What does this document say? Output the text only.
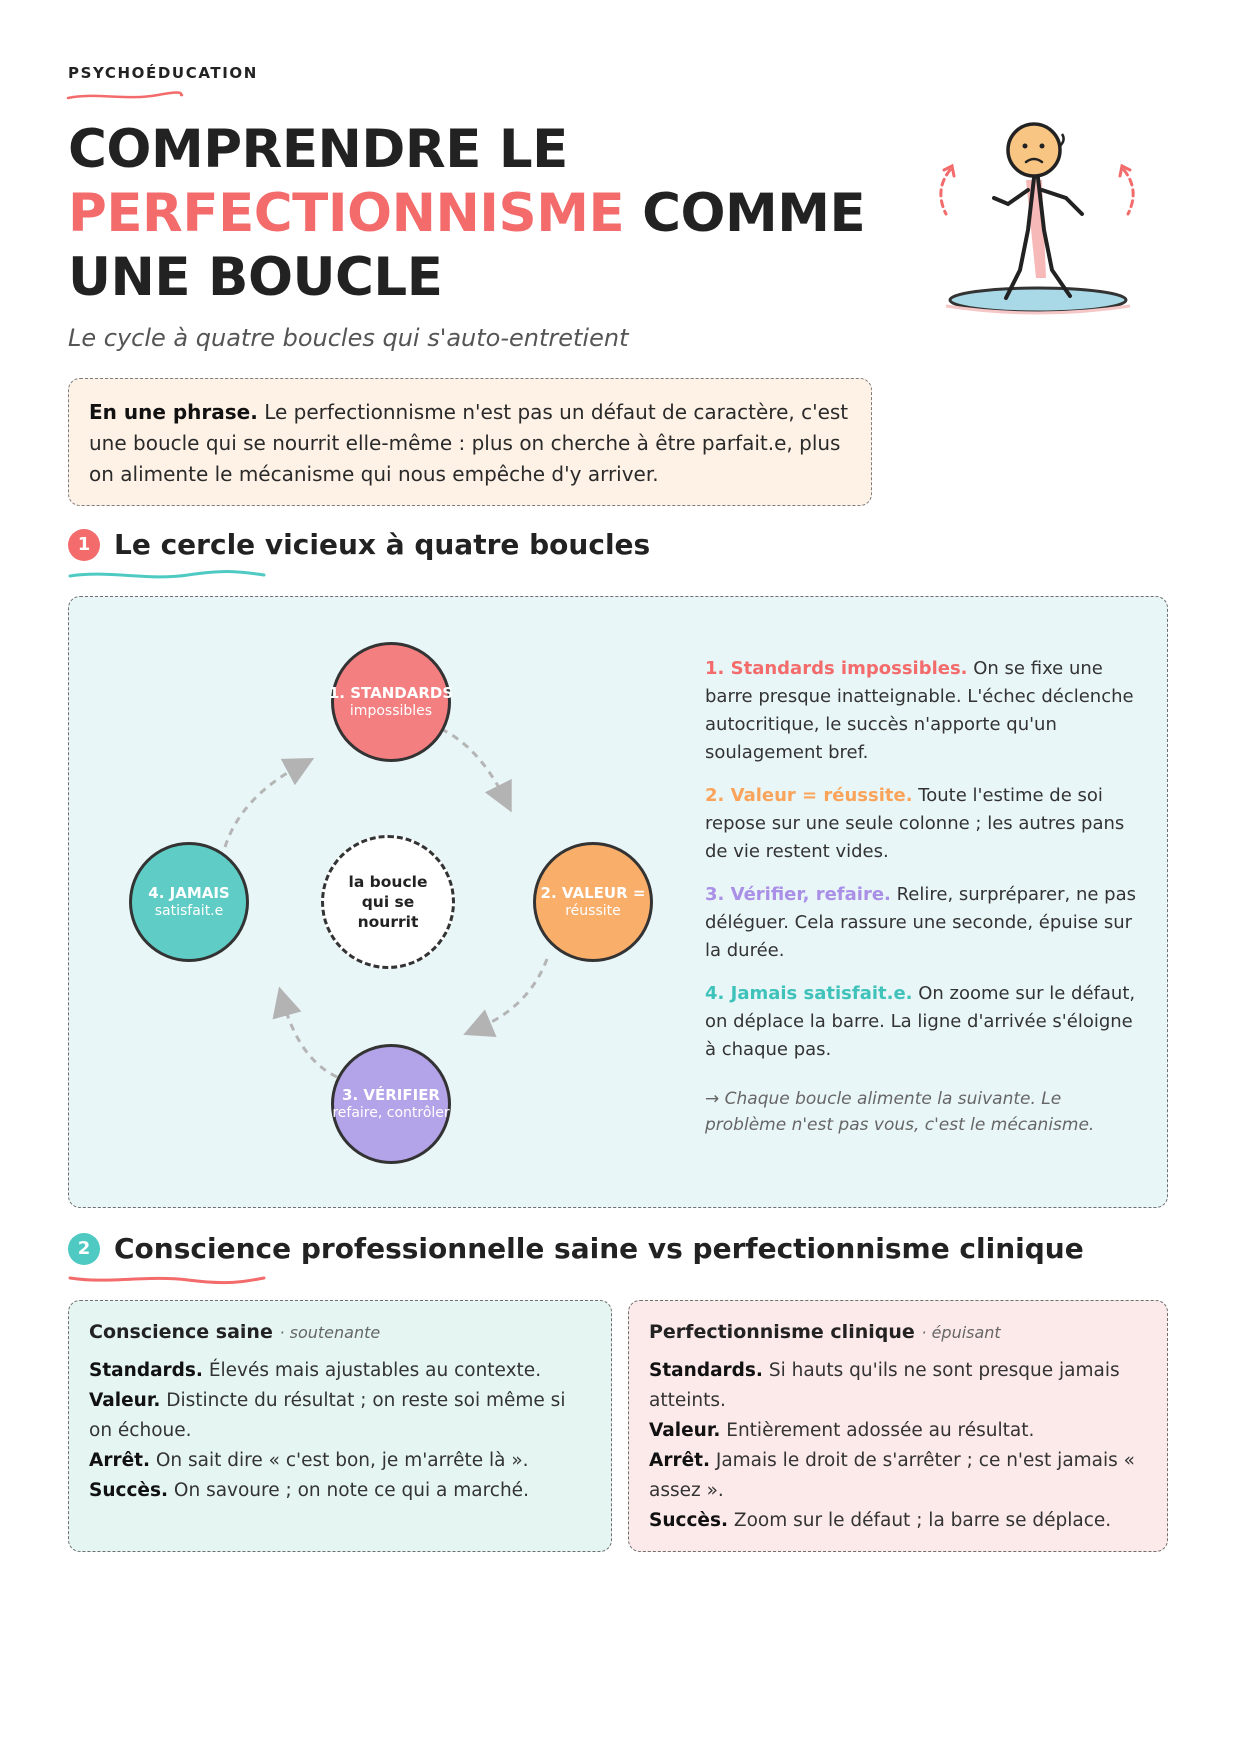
PSYCHOÉDUCATION
COMPRENDRE LE
PERFECTIONNISME COMME
UNE BOUCLE
Le cycle à quatre boucles qui s'auto-entretient
En une phrase. Le perfectionnisme n'est pas un défaut de caractère, c'est une boucle qui se nourrit elle-même : plus on cherche à être parfait.e, plus on alimente le mécanisme qui nous empêche d'y arriver.
1 Le cercle vicieux à quatre boucles
1. STANDARDS
impossibles
2. VALEUR =
réussite
3. VÉRIFIER
refaire, contrôler
4. JAMAIS
satisfait.e
la boucle qui se nourrit

1. Standards impossibles. On se fixe une barre presque inatteignable. L'échec déclenche autocritique, le succès n'apporte qu'un soulagement bref.

2. Valeur = réussite. Toute l'estime de soi repose sur une seule colonne ; les autres pans de vie restent vides.

3. Vérifier, refaire. Relire, surpréparer, ne pas déléguer. Cela rassure une seconde, épuise sur la durée.

4. Jamais satisfait.e. On zoome sur le défaut, on déplace la barre. La ligne d'arrivée s'éloigne à chaque pas.

→ Chaque boucle alimente la suivante. Le problème n'est pas vous, c'est le mécanisme.

2 Conscience professionnelle saine vs perfectionnisme clinique
Conscience saine · soutenante
Standards. Élevés mais ajustables au contexte.
Valeur. Distincte du résultat ; on reste soi même si on échoue.
Arrêt. On sait dire « c'est bon, je m'arrête là ».
Succès. On savoure ; on note ce qui a marché.
Perfectionnisme clinique · épuisant
Standards. Si hauts qu'ils ne sont presque jamais atteints.
Valeur. Entièrement adossée au résultat.
Arrêt. Jamais le droit de s'arrêter ; ce n'est jamais « assez ».
Succès. Zoom sur le défaut ; la barre se déplace.
